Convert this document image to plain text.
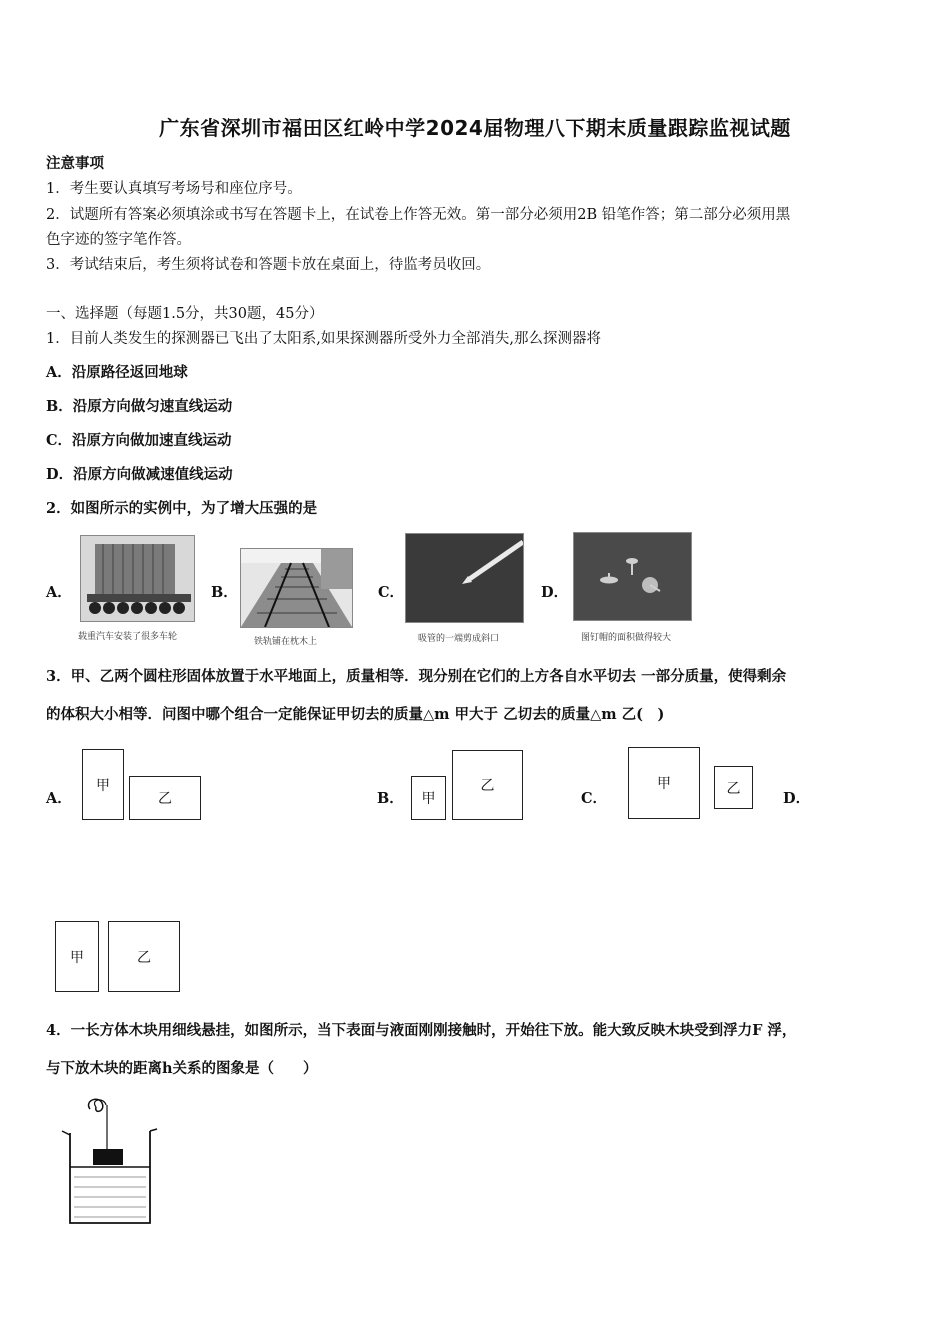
广东省深圳市福田区红岭中学2024届物理八下期末质量跟踪监视试题
注意事项
1．考生要认真填写考场号和座位序号。
2．试题所有答案必须填涂或书写在答题卡上，在试卷上作答无效。第一部分必须用2B 铅笔作答；第二部分必须用黑
色字迹的签字笔作答。
3．考试结束后，考生须将试卷和答题卡放在桌面上，待监考员收回。
一、选择题（每题1.5分，共30题，45分）
1．目前人类发生的探测器已飞出了太阳系,如果探测器所受外力全部消失,那么探测器将
A．沿原路径返回地球
B．沿原方向做匀速直线运动
C．沿原方向做加速直线运动
D．沿原方向做减速值线运动
2．如图所示的实例中，为了增大压强的是
A．
载重汽车安装了很多车轮
B．
铁轨铺在枕木上
C．
吸管的一端剪成斜口
D．
图钉帽的面积做得较大
3．甲、乙两个圆柱形固体放置于水平地面上，质量相等．现分别在它们的上方各自水平切去 一部分质量，使得剩余
的体积大小相等．问图中哪个组合一定能保证甲切去的质量△m 甲大于 乙切去的质量△m 乙(　)
A．
甲
乙	B．	甲
乙
C．
甲	乙
D．
甲	乙
4．一长方体木块用细线悬挂，如图所示，当下表面与液面刚刚接触时，开始往下放。能大致反映木块受到浮力F 浮，
与下放木块的距离h关系的图象是（　　）
